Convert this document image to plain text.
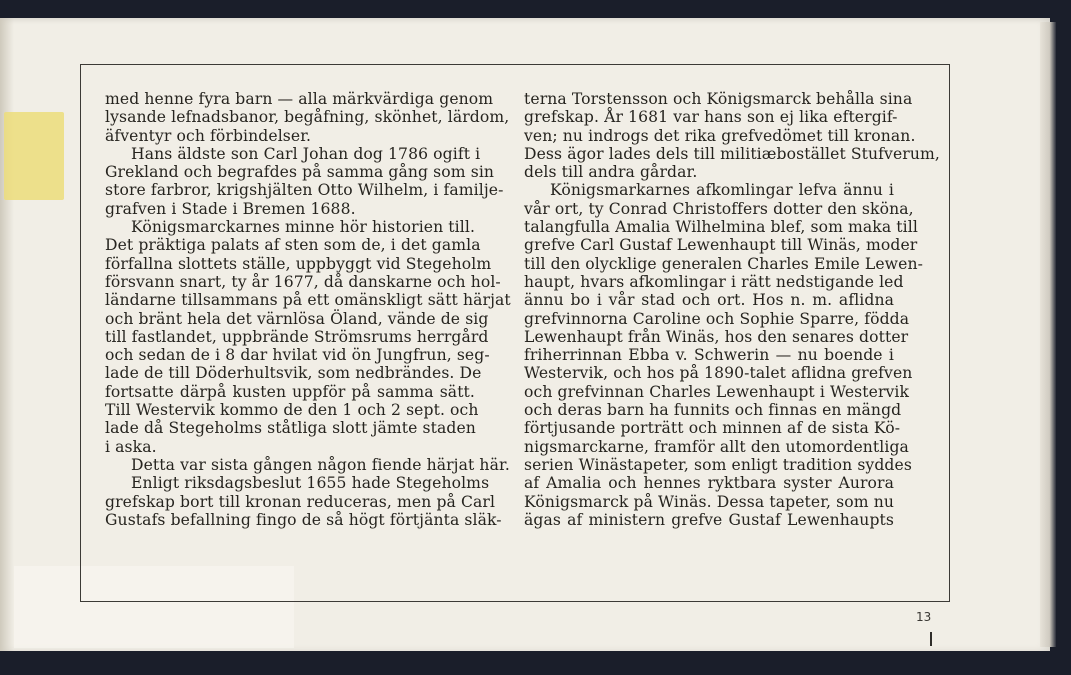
med henne fyra barn — alla märkvärdiga genom
lysande lefnadsbanor, begåfning, skönhet, lärdom,
äfventyr och förbindelser.
Hans äldste son Carl Johan dog 1786 ogift i
Grekland och begrafdes på samma gång som sin
store farbror, krigshjälten Otto Wilhelm, i familje-
grafven i Stade i Bremen 1688.
Königsmarckarnes minne hör historien till.
Det präktiga palats af sten som de, i det gamla
förfallna slottets ställe, uppbyggt vid Stegeholm
försvann snart, ty år 1677, då danskarne och hol-
ländarne tillsammans på ett omänskligt sätt härjat
och bränt hela det värnlösa Öland, vände de sig
till fastlandet, uppbrände Strömsrums herrgård
och sedan de i 8 dar hvilat vid ön Jungfrun, seg-
lade de till Döderhultsvik, som nedbrändes. De
fortsatte därpå kusten uppför på samma sätt.
Till Westervik kommo de den 1 och 2 sept. och
lade då Stegeholms ståtliga slott jämte staden
i aska.
Detta var sista gången någon fiende härjat här.
Enligt riksdagsbeslut 1655 hade Stegeholms
grefskap bort till kronan reduceras, men på Carl
Gustafs befallning fingo de så högt förtjänta släk-
terna Torstensson och Königsmarck behålla sina
grefskap. År 1681 var hans son ej lika eftergif-
ven; nu indrogs det rika grefvedömet till kronan.
Dess ägor lades dels till militiæbostället Stufverum,
dels till andra gårdar.
Königsmarkarnes afkomlingar lefva ännu i
vår ort, ty Conrad Christoffers dotter den sköna,
talangfulla Amalia Wilhelmina blef, som maka till
grefve Carl Gustaf Lewenhaupt till Winäs, moder
till den olycklige generalen Charles Emile Lewen-
haupt, hvars afkomlingar i rätt nedstigande led
ännu bo i vår stad och ort. Hos n. m. aflidna
grefvinnorna Caroline och Sophie Sparre, födda
Lewenhaupt från Winäs, hos den senares dotter
friherrinnan Ebba v. Schwerin — nu boende i
Westervik, och hos på 1890-talet aflidna grefven
och grefvinnan Charles Lewenhaupt i Westervik
och deras barn ha funnits och finnas en mängd
förtjusande porträtt och minnen af de sista Kö-
nigsmarckarne, framför allt den utomordentliga
serien Winästapeter, som enligt tradition syddes
af Amalia och hennes ryktbara syster Aurora
Königsmarck på Winäs. Dessa tapeter, som nu
ägas af ministern grefve Gustaf Lewenhaupts
13
